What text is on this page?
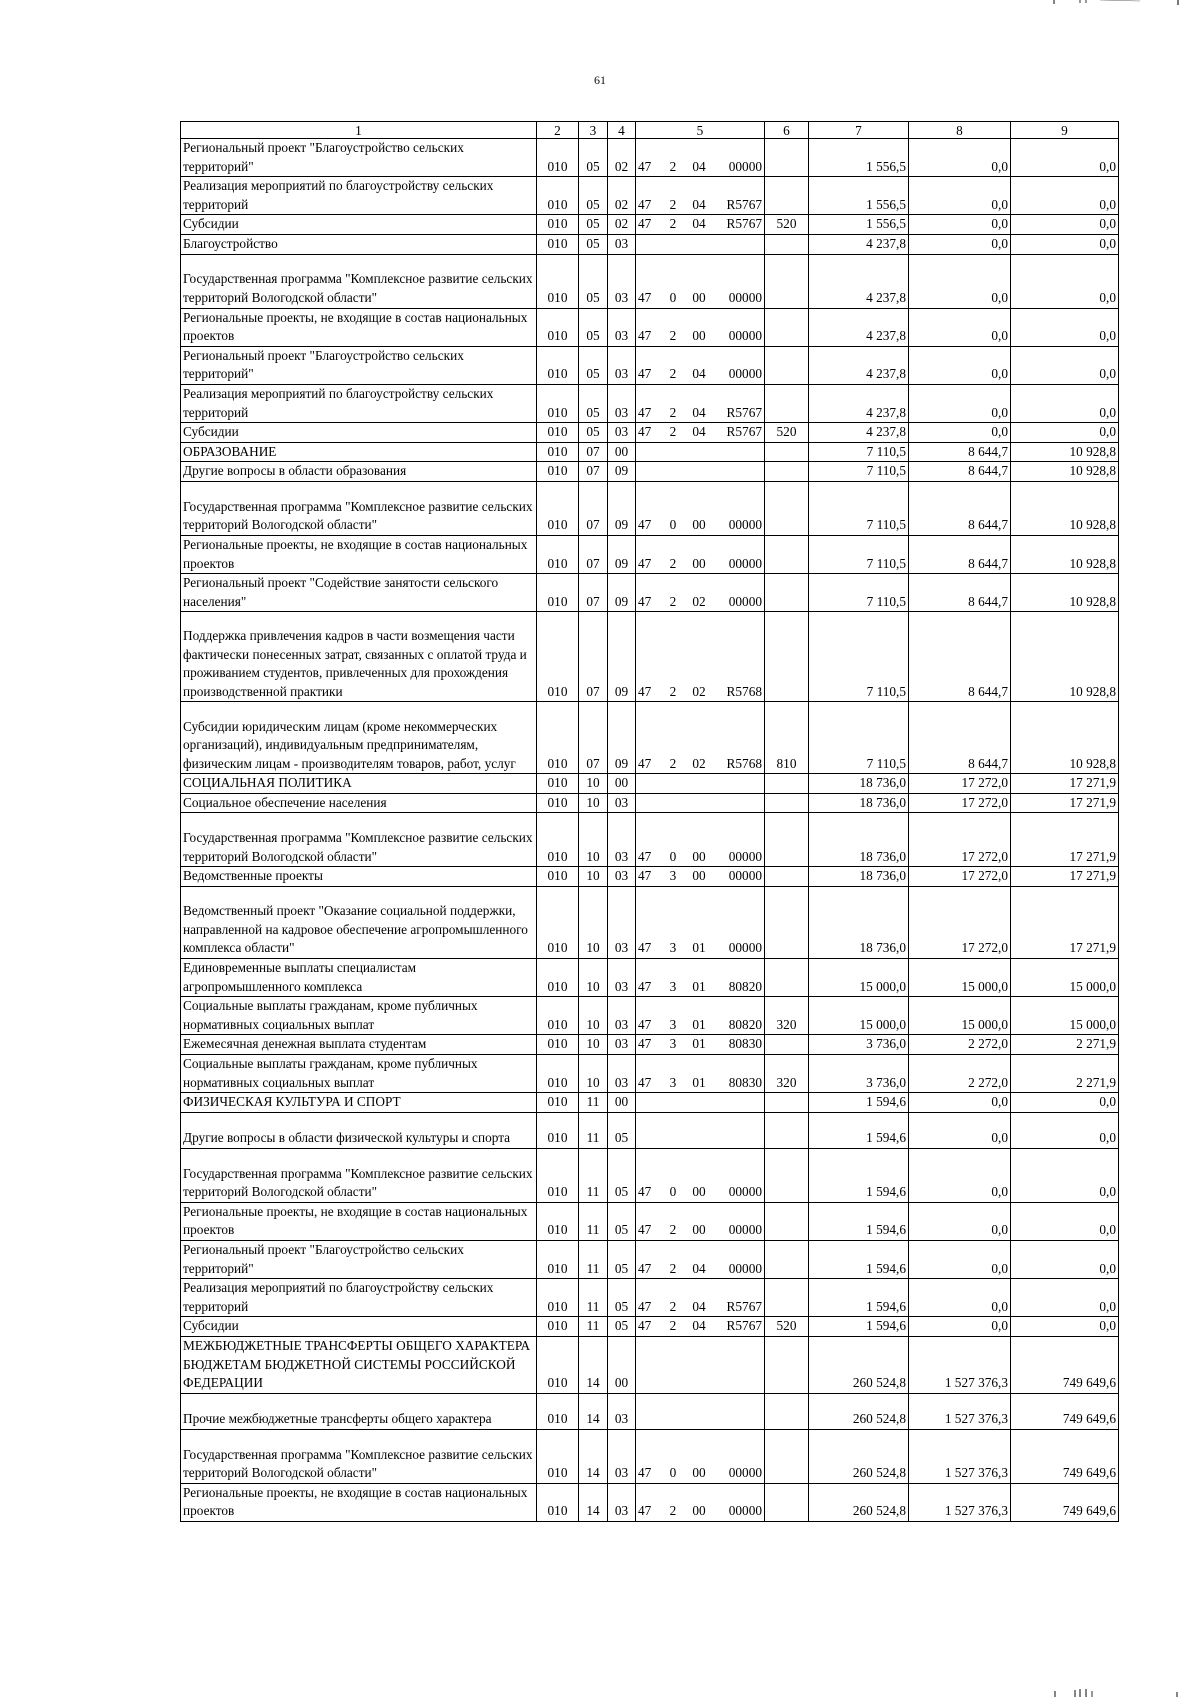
61
1	2	3	4	5	6	7	8	9
Региональный проект "Благоустройство сельских территорий"	010	05	02	47 2 04 00000		1 556,5	0,0	0,0
Реализация мероприятий по благоустройству сельских территорий	010	05	02	47 2 04 R5767		1 556,5	0,0	0,0
Субсидии	010	05	02	47 2 04 R5767	520	1 556,5	0,0	0,0
Благоустройство	010	05	03			4 237,8	0,0	0,0
Государственная программа "Комплексное развитие сельских территорий Вологодской области"	010	05	03	47 0 00 00000		4 237,8	0,0	0,0
Региональные проекты, не входящие в состав национальных проектов	010	05	03	47 2 00 00000		4 237,8	0,0	0,0
Региональный проект "Благоустройство сельских территорий"	010	05	03	47 2 04 00000		4 237,8	0,0	0,0
Реализация мероприятий по благоустройству сельских территорий	010	05	03	47 2 04 R5767		4 237,8	0,0	0,0
Субсидии	010	05	03	47 2 04 R5767	520	4 237,8	0,0	0,0
ОБРАЗОВАНИЕ	010	07	00			7 110,5	8 644,7	10 928,8
Другие вопросы в области образования	010	07	09			7 110,5	8 644,7	10 928,8
Государственная программа "Комплексное развитие сельских территорий Вологодской области"	010	07	09	47 0 00 00000		7 110,5	8 644,7	10 928,8
Региональные проекты, не входящие в состав национальных проектов	010	07	09	47 2 00 00000		7 110,5	8 644,7	10 928,8
Региональный проект "Содействие занятости сельского населения"	010	07	09	47 2 02 00000		7 110,5	8 644,7	10 928,8
Поддержка привлечения кадров в части возмещения части фактически понесенных затрат, связанных с оплатой труда и проживанием студентов, привлеченных для прохождения производственной практики	010	07	09	47 2 02 R5768		7 110,5	8 644,7	10 928,8
Субсидии юридическим лицам (кроме некоммерческих организаций), индивидуальным предпринимателям, физическим лицам - производителям товаров, работ, услуг	010	07	09	47 2 02 R5768	810	7 110,5	8 644,7	10 928,8
СОЦИАЛЬНАЯ ПОЛИТИКА	010	10	00			18 736,0	17 272,0	17 271,9
Социальное обеспечение населения	010	10	03			18 736,0	17 272,0	17 271,9
Государственная программа "Комплексное развитие сельских территорий Вологодской области"	010	10	03	47 0 00 00000		18 736,0	17 272,0	17 271,9
Ведомственные проекты	010	10	03	47 3 00 00000		18 736,0	17 272,0	17 271,9
Ведомственный проект "Оказание социальной поддержки, направленной на кадровое обеспечение агропромышленного комплекса области"	010	10	03	47 3 01 00000		18 736,0	17 272,0	17 271,9
Единовременные выплаты специалистам агропромышленного комплекса	010	10	03	47 3 01 80820		15 000,0	15 000,0	15 000,0
Социальные выплаты гражданам, кроме публичных нормативных социальных выплат	010	10	03	47 3 01 80820	320	15 000,0	15 000,0	15 000,0
Ежемесячная денежная выплата студентам	010	10	03	47 3 01 80830		3 736,0	2 272,0	2 271,9
Социальные выплаты гражданам, кроме публичных нормативных социальных выплат	010	10	03	47 3 01 80830	320	3 736,0	2 272,0	2 271,9
ФИЗИЧЕСКАЯ КУЛЬТУРА И СПОРТ	010	11	00			1 594,6	0,0	0,0
Другие вопросы в области физической культуры и спорта	010	11	05			1 594,6	0,0	0,0
Государственная программа "Комплексное развитие сельских территорий Вологодской области"	010	11	05	47 0 00 00000		1 594,6	0,0	0,0
Региональные проекты, не входящие в состав национальных проектов	010	11	05	47 2 00 00000		1 594,6	0,0	0,0
Региональный проект "Благоустройство сельских территорий"	010	11	05	47 2 04 00000		1 594,6	0,0	0,0
Реализация мероприятий по благоустройству сельских территорий	010	11	05	47 2 04 R5767		1 594,6	0,0	0,0
Субсидии	010	11	05	47 2 04 R5767	520	1 594,6	0,0	0,0
МЕЖБЮДЖЕТНЫЕ ТРАНСФЕРТЫ ОБЩЕГО ХАРАКТЕРА БЮДЖЕТАМ БЮДЖЕТНОЙ СИСТЕМЫ РОССИЙСКОЙ ФЕДЕРАЦИИ	010	14	00			260 524,8	1 527 376,3	749 649,6
Прочие межбюджетные трансферты общего характера	010	14	03			260 524,8	1 527 376,3	749 649,6
Государственная программа "Комплексное развитие сельских территорий Вологодской области"	010	14	03	47 0 00 00000		260 524,8	1 527 376,3	749 649,6
Региональные проекты, не входящие в состав национальных проектов	010	14	03	47 2 00 00000		260 524,8	1 527 376,3	749 649,6
